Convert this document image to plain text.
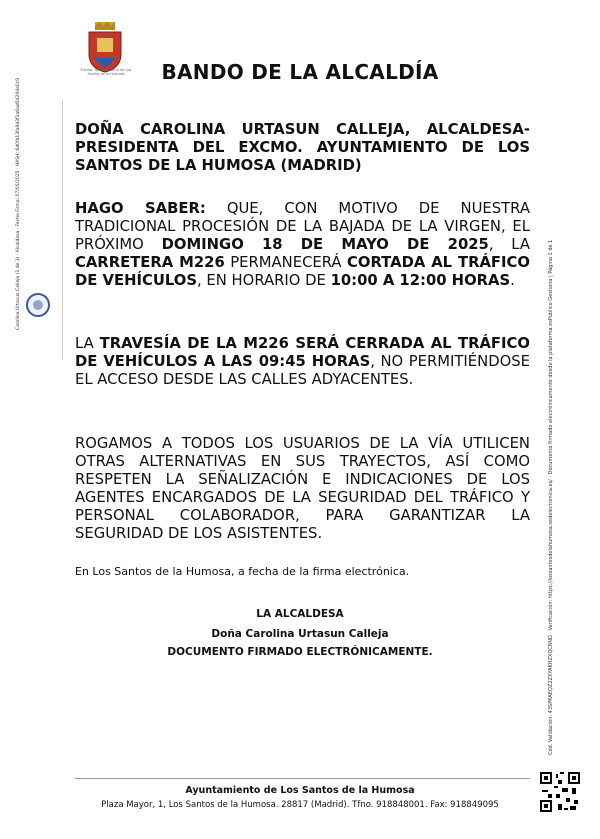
Excmo. Ayuntamiento de Los Santos de la Humosa	BANDO DE LA ALCALDÍA
Carolina Urtasun Calleja (1 de 1) · Alcaldesa · Fecha Firma: 07/05/2025 · HASH: 6d0fb13fa9d3f1a6ad54294e0c9	DOÑA CAROLINA URTASUN CALLEJA, ALCALDESA-PRESIDENTA DEL EXCMO. AYUNTAMIENTO DE LOS SANTOS DE LA HUMOSA (MADRID)
HAGO SABER: QUE, CON MOTIVO DE NUESTRA TRADICIONAL PROCESIÓN DE LA BAJADA DE LA VIRGEN, EL PRÓXIMO DOMINGO 18 DE MAYO DE 2025, LA CARRETERA M226 PERMANECERÁ CORTADA AL TRÁFICO DE VEHÍCULOS, EN HORARIO DE 10:00 A 12:00 HORAS.
LA TRAVESÍA DE LA M226 SERÁ CERRADA AL TRÁFICO DE VEHÍCULOS A LAS 09:45 HORAS, NO PERMITIÉNDOSE EL ACCESO DESDE LAS CALLES ADYACENTES.
ROGAMOS A TODOS LOS USUARIOS DE LA VÍA UTILICEN OTRAS ALTERNATIVAS EN SUS TRAYECTOS, ASÍ COMO RESPETEN LA SEÑALIZACIÓN E INDICACIONES DE LOS AGENTES ENCARGADOS DE LA SEGURIDAD DEL TRÁFICO Y PERSONAL COLABORADOR, PARA GARANTIZAR LA SEGURIDAD DE LOS ASISTENTES.
En Los Santos de la Humosa, a fecha de la firma electrónica.
LA ALCALDESA
Doña Carolina Urtasun Calleja
DOCUMENTO FIRMADO ELECTRÓNICAMENTE.	Cód. Validación: 43SPKAEQZ2ZXYAKHZXQCRND · Verificación: https://lossantosdelahumosa.sedelectronica.es/ · Documento firmado electrónicamente desde la plataforma esPublico Gestiona | Página 1 de 1
Ayuntamiento de Los Santos de la Humosa
Plaza Mayor, 1, Los Santos de la Humosa. 28817 (Madrid). Tfno. 918848001. Fax: 918849095
